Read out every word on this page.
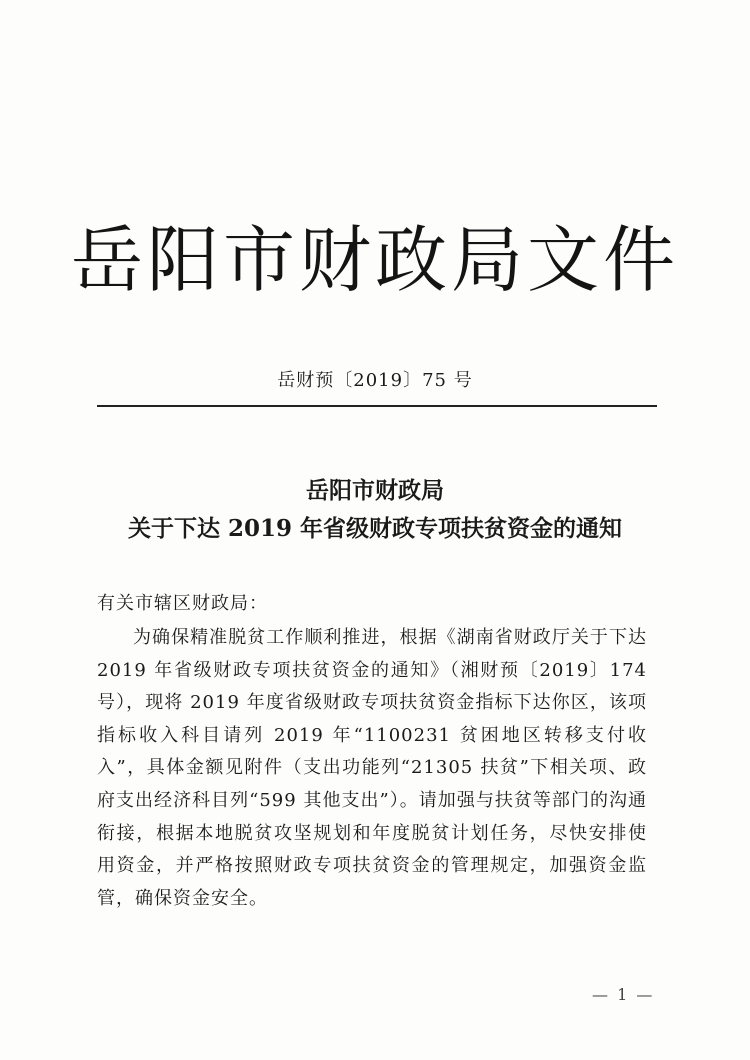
岳阳市财政局文件
岳财预〔2019〕75 号
岳阳市财政局
关于下达 2019 年省级财政专项扶贫资金的通知
有关市辖区财政局：
为确保精准脱贫工作顺利推进，根据《湖南省财政厅关于下达 2019 年省级财政专项扶贫资金的通知》（湘财预〔2019〕174 号），现将 2019 年度省级财政专项扶贫资金指标下达你区，该项指标收入科目请列 2019 年“1100231 贫困地区转移支付收入”，具体金额见附件（支出功能列“21305 扶贫”下相关项、政府支出经济科目列“599 其他支出”）。请加强与扶贫等部门的沟通衔接，根据本地脱贫攻坚规划和年度脱贫计划任务，尽快安排使用资金，并严格按照财政专项扶贫资金的管理规定，加强资金监管，确保资金安全。
— 1 —
